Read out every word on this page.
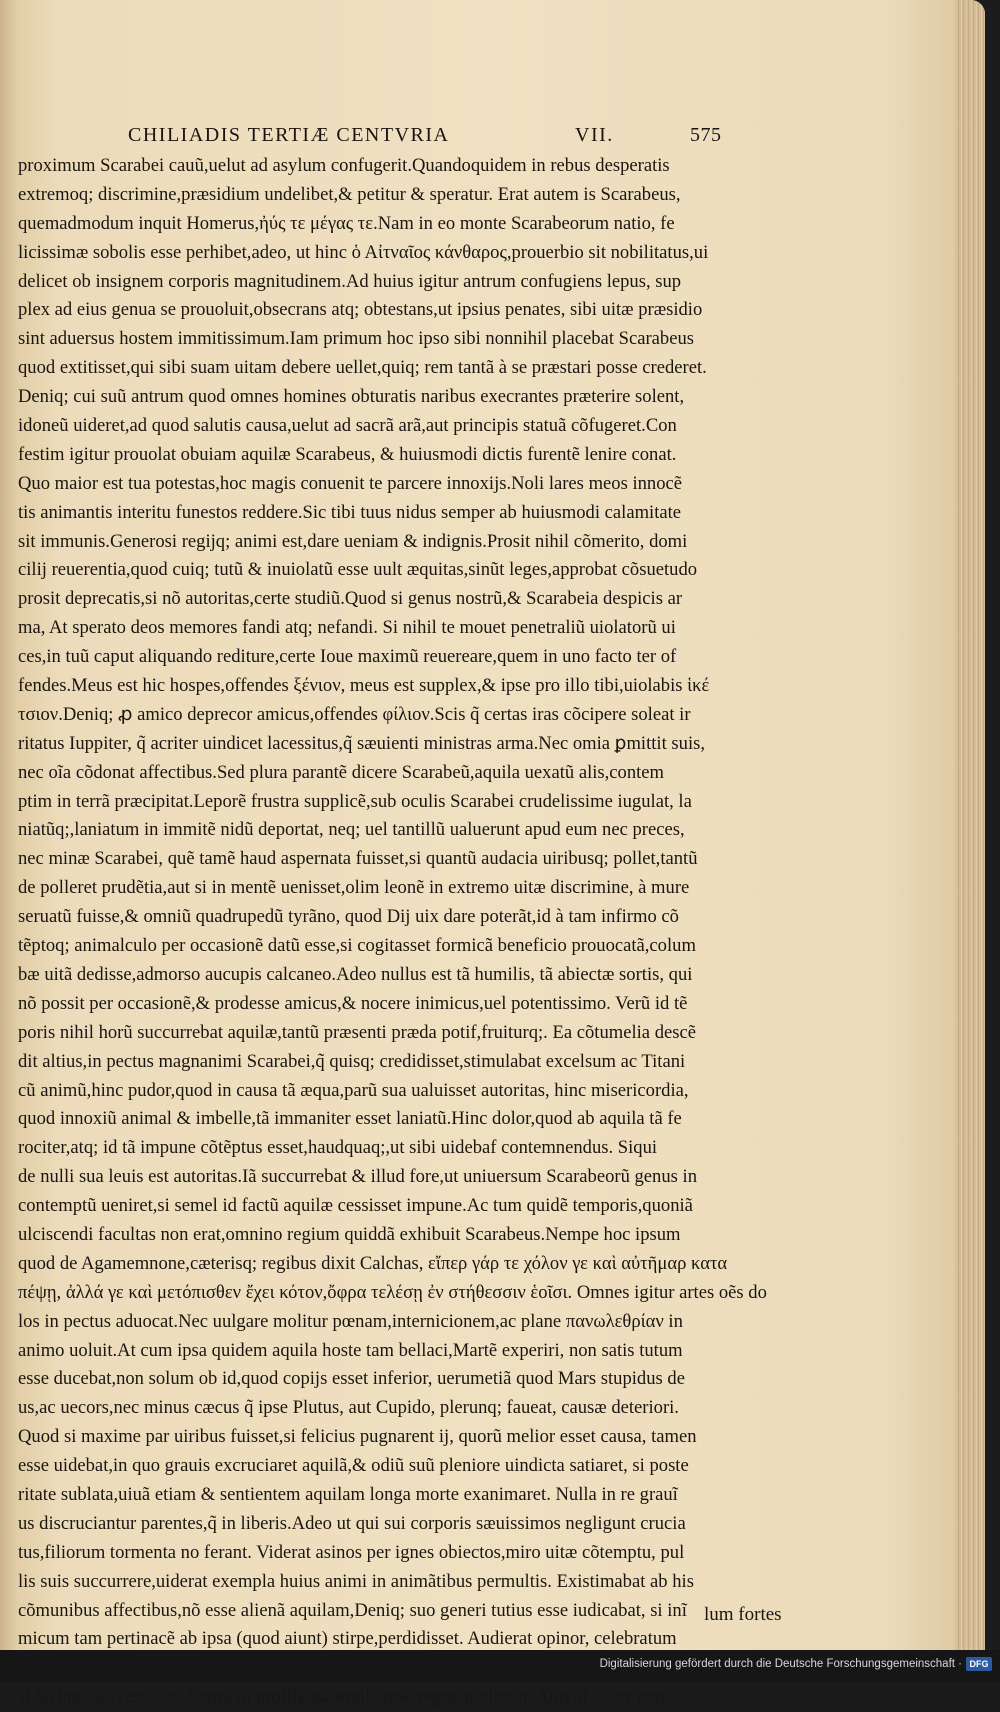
CHILIADIS TERTIÆ CENTVRIA	VII.	575
proximum Scarabei cauũ,uelut ad asylum confugerit.Quandoquidem in rebus desperatis
extremoq; discrimine,præsidium undelibet,& petitur & speratur. Erat autem is Scarabeus,
quemadmodum inquit Homerus,ἠύς τε μέγας τε.Nam in eo monte Scarabeorum natio, fe
licissimæ sobolis esse perhibet,adeo, ut hinc ὁ Αἰτναῖος κάνθαρος,prouerbio sit nobilitatus,ui
delicet ob insignem corporis magnitudinem.Ad huius igitur antrum confugiens lepus, sup
plex ad eius genua se prouoluit,obsecrans atq; obtestans,ut ipsius penates, sibi uitæ præsidio
sint aduersus hostem immitissimum.Iam primum hoc ipso sibi nonnihil placebat Scarabeus
quod extitisset,qui sibi suam uitam debere uellet,quiq; rem tantã à se præstari posse crederet.
Deniq; cui suũ antrum quod omnes homines obturatis naribus execrantes præterire solent,
idoneũ uideret,ad quod salutis causa,uelut ad sacrã arã,aut principis statuã cõfugeret.Con
festim igitur prouolat obuiam aquilæ Scarabeus, & huiusmodi dictis furentẽ lenire conat.
Quo maior est tua potestas,hoc magis conuenit te parcere innoxijs.Noli lares meos innocẽ
tis animantis interitu funestos reddere.Sic tibi tuus nidus semper ab huiusmodi calamitate
sit immunis.Generosi regijq; animi est,dare ueniam & indignis.Prosit nihil cõmerito, domi
cilij reuerentia,quod cuiq; tutũ & inuiolatũ esse uult æquitas,sinũt leges,approbat cõsuetudo
prosit deprecatis,si nõ autoritas,certe studiũ.Quod si genus nostrũ,& Scarabeia despicis ar
ma, At sperato deos memores fandi atq; nefandi. Si nihil te mouet penetraliũ uiolatorũ ui
ces,in tuũ caput aliquando rediture,certe Ioue maximũ reuereare,quem in uno facto ter of
fendes.Meus est hic hospes,offendes ξένιον, meus est supplex,& ipse pro illo tibi,uiolabis ἱκέ
τσιον.Deniq; ꝓ amico deprecor amicus,offendes φίλιον.Scis q̃ certas iras cõcipere soleat ir
ritatus Iuppiter, q̃ acriter uindicet lacessitus,q̃ sæuienti ministras arma.Nec omia ꝑmittit suis,
nec oĩa cõdonat affectibus.Sed plura parantẽ dicere Scarabeũ,aquila uexatũ alis,contem
ptim in terrã præcipitat.Leporẽ frustra supplicẽ,sub oculis Scarabei crudelissime iugulat, la
niatũq;,laniatum in immitẽ nidũ deportat, neq; uel tantillũ ualuerunt apud eum nec preces,
nec minæ Scarabei, quẽ tamẽ haud aspernata fuisset,si quantũ audacia uiribusq; pollet,tantũ
de polleret prudẽtia,aut si in mentẽ uenisset,olim leonẽ in extremo uitæ discrimine, à mure
seruatũ fuisse,& omniũ quadrupedũ tyrãno, quod Dij uix dare poterãt,id à tam infirmo cõ
tẽptoq; animalculo per occasionẽ datũ esse,si cogitasset formicã beneficio prouocatã,colum
bæ uitã dedisse,admorso aucupis calcaneo.Adeo nullus est tã humilis, tã abiectæ sortis, qui
nõ possit per occasionẽ,& prodesse amicus,& nocere inimicus,uel potentissimo. Verũ id tẽ
poris nihil horũ succurrebat aquilæ,tantũ præsenti præda potif,fruiturq;. Ea cõtumelia descẽ
dit altius,in pectus magnanimi Scarabei,q̃ quisq; credidisset,stimulabat excelsum ac Titani
cũ animũ,hinc pudor,quod in causa tã æqua,parũ sua ualuisset autoritas, hinc misericordia,
quod innoxiũ animal & imbelle,tã immaniter esset laniatũ.Hinc dolor,quod ab aquila tã fe
rociter,atq; id tã impune cõtẽptus esset,haudquaq;,ut sibi uidebaf contemnendus. Siqui
de nulli sua leuis est autoritas.Iã succurrebat & illud fore,ut uniuersum Scarabeorũ genus in
contemptũ ueniret,si semel id factũ aquilæ cessisset impune.Ac tum quidẽ temporis,quoniã
ulciscendi facultas non erat,omnino regium quiddã exhibuit Scarabeus.Nempe hoc ipsum
quod de Agamemnone,cæterisq; regibus dixit Calchas, εἴπερ γάρ τε χόλον γε καὶ αὐτῆμαρ κατα
πέψῃ, ἀλλά γε καὶ μετόπισθεν ἔχει κότον,ὄφρα τελέσῃ ἐν στήθεσσιν ἑοῖσι. Omnes igitur artes oẽs do
los in pectus aduocat.Nec uulgare molitur pœnam,internicionem,ac plane πανωλεθρίαν in
animo uoluit.At cum ipsa quidem aquila hoste tam bellaci,Martẽ experiri, non satis tutum
esse ducebat,non solum ob id,quod copijs esset inferior, uerumetiã quod Mars stupidus de
us,ac uecors,nec minus cæcus q̃ ipse Plutus, aut Cupido, plerunq; faueat, causæ deteriori.
Quod si maxime par uiribus fuisset,si felicius pugnarent ij, quorũ melior esset causa, tamen
esse uidebat,in quo grauis excruciaret aquilã,& odiũ suũ pleniore uindicta satiaret, si poste
ritate sublata,uiuã etiam & sentientem aquilam longa morte exanimaret. Nulla in re grauĩ
us discruciantur parentes,q̃ in liberis.Adeo ut qui sui corporis sæuissimos negligunt crucia
tus,filiorum tormenta no ferant. Viderat asinos per ignes obiectos,miro uitæ cõtemptu, pul
lis suis succurrere,uiderat exempla huius animi in animãtibus permultis. Existimabat ab his
cõmunibus affectibus,nõ esse alienã aquilam,Deniq; suo generi tutius esse iudicabat, si inĩ
micum tam pertinacẽ ab ipsa (quod aiunt) stirpe,perdidisset. Audierat opinor, celebratum
si facinus successisset,futurũ,ut profligata aquila,ipse regno potiretur. Atq; ut dolor non so
lum fortes
Digitalisierung gefördert durch die Deutsche Forschungsgemeinschaft · DFG
